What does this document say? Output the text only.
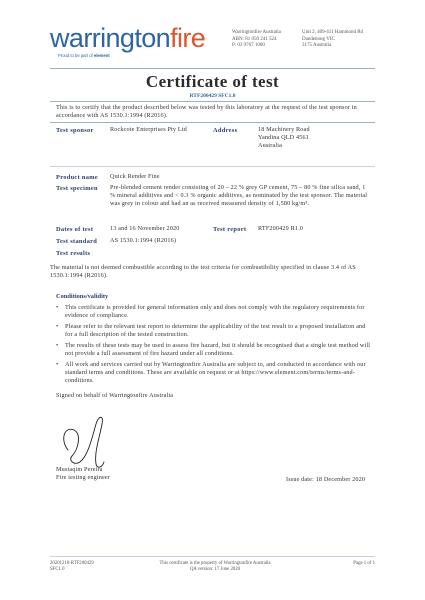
warringtonfire
Proud to be part of element
Warringtonfire Australia
ABN: 81 050 241 524
P: 03 9767 1000
Unit 2, 409-411 Hammond Rd
Dandenong VIC
3175 Australia
Certificate of test
RTF200429 SFC1.0
This is to certify that the product described below was tested by this laboratory at the request of the test sponsor in accordance with AS 1530.1:1994 (R2016).
Test sponsor	Rockcote Enterprises Pty Ltd	Address	18 Machinery Road
Yandina QLD 4561
Australia
Product name Quick Render Fine
Test specimen Pre-blended cement render consisting of 20 – 22 % grey GP cement, 75 – 80 % fine silica sand, 1 % mineral additives and < 0.3 % organic additives, as nominated by the test sponsor. The material was grey in colour and had an as received measured density of 1,580 kg/m³.
Dates of test	13 and 16 November 2020	Test report RTF200429 R1.0
Test standard AS 1530.1:1994 (R2016)
Test results
The material is not deemed combustible according to the test criteria for combustibility specified in clause 3.4 of AS 1530.1:1994 (R2016).
Conditions/validity
• This certificate is provided for general information only and does not comply with the regulatory requirements for evidence of compliance.
• Please refer to the relevant test report to determine the applicability of the test result to a proposed installation and for a full description of the tested construction.
• The results of these tests may be used to assess fire hazard, but it should be recognised that a single test method will not provide a full assessment of fire hazard under all conditions.
• All work and services carried out by Warringtonfire Australia are subject to, and conducted in accordance with our standard terms and conditions. These are available on request or at https://www.element.com/terms/terms-and-conditions.
Signed on behalf of Warringtonfire Australia
Mustaqim Pereira
Fire testing engineer	Issue date: 18 December 2020
20201218-RTF200429
SFC1.0
This certificate is the property of Warringtonfire Australia
QA version: 17 June 2020
Page 1 of 1
